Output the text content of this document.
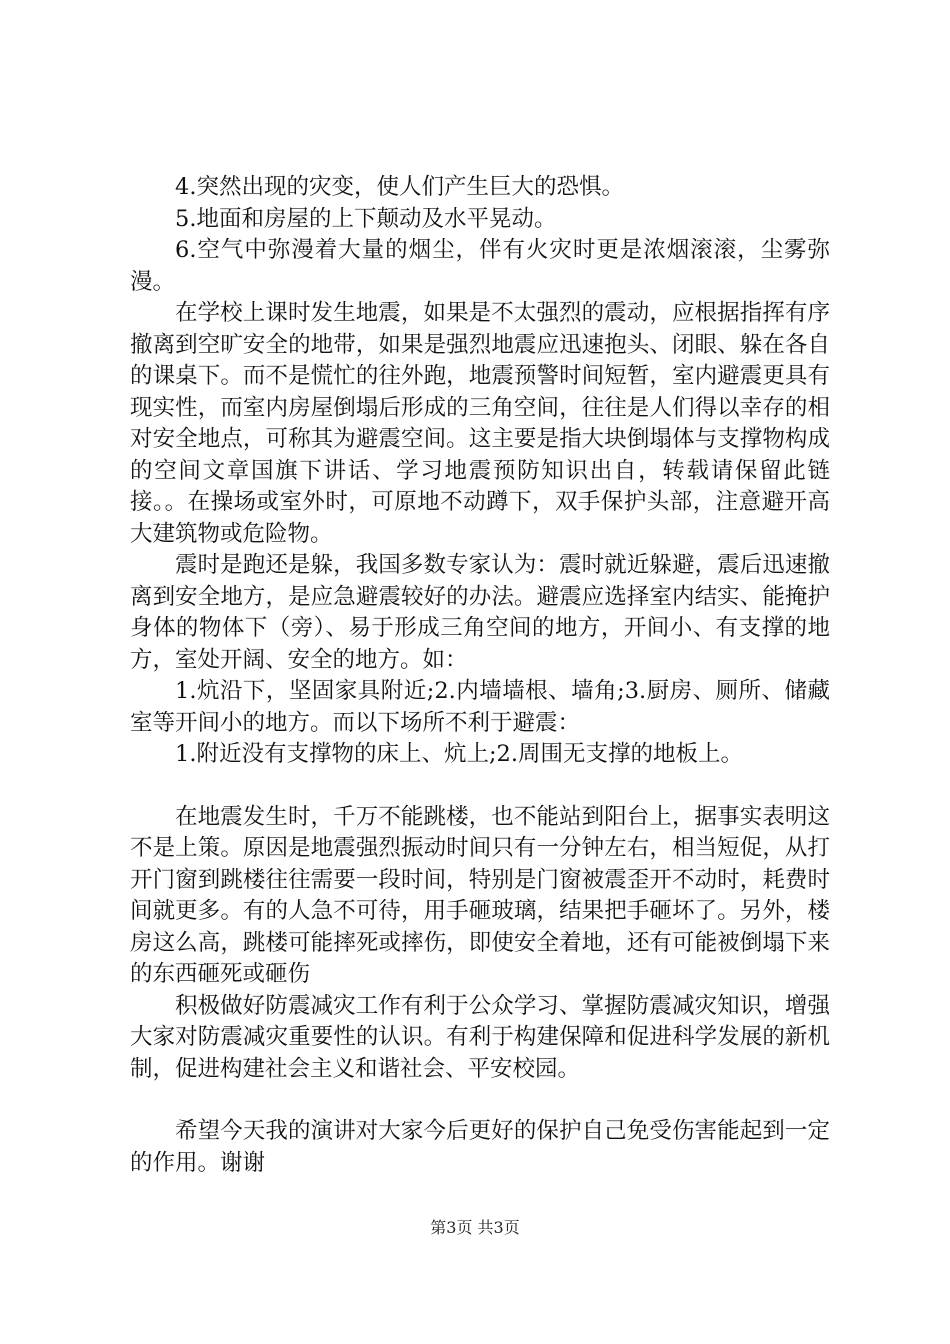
4.突然出现的灾变，使人们产生巨大的恐惧。

5.地面和房屋的上下颠动及水平晃动。

6.空气中弥漫着大量的烟尘，伴有火灾时更是浓烟滚滚，尘雾弥漫。

在学校上课时发生地震，如果是不太强烈的震动，应根据指挥有序撤离到空旷安全的地带，如果是强烈地震应迅速抱头、闭眼、躲在各自的课桌下。而不是慌忙的往外跑，地震预警时间短暂，室内避震更具有现实性，而室内房屋倒塌后形成的三角空间，往往是人们得以幸存的相对安全地点，可称其为避震空间。这主要是指大块倒塌体与支撑物构成的空间文章国旗下讲话、学习地震预防知识出自，转载请保留此链接。。在操场或室外时，可原地不动蹲下，双手保护头部，注意避开高大建筑物或危险物。

震时是跑还是躲，我国多数专家认为：震时就近躲避，震后迅速撤离到安全地方，是应急避震较好的办法。避震应选择室内结实、能掩护身体的物体下（旁）、易于形成三角空间的地方，开间小、有支撑的地方，室处开阔、安全的地方。如：

1.炕沿下，坚固家具附近;2.内墙墙根、墙角;3.厨房、厕所、储藏室等开间小的地方。而以下场所不利于避震：

1.附近没有支撑物的床上、炕上;2.周围无支撑的地板上。

在地震发生时，千万不能跳楼，也不能站到阳台上，据事实表明这不是上策。原因是地震强烈振动时间只有一分钟左右，相当短促，从打开门窗到跳楼往往需要一段时间，特别是门窗被震歪开不动时，耗费时间就更多。有的人急不可待，用手砸玻璃，结果把手砸坏了。另外，楼房这么高，跳楼可能摔死或摔伤，即使安全着地，还有可能被倒塌下来的东西砸死或砸伤

积极做好防震减灾工作有利于公众学习、掌握防震减灾知识，增强大家对防震减灾重要性的认识。有利于构建保障和促进科学发展的新机制，促进构建社会主义和谐社会、平安校园。

希望今天我的演讲对大家今后更好的保护自己免受伤害能起到一定的作用。谢谢

第3页 共3页
